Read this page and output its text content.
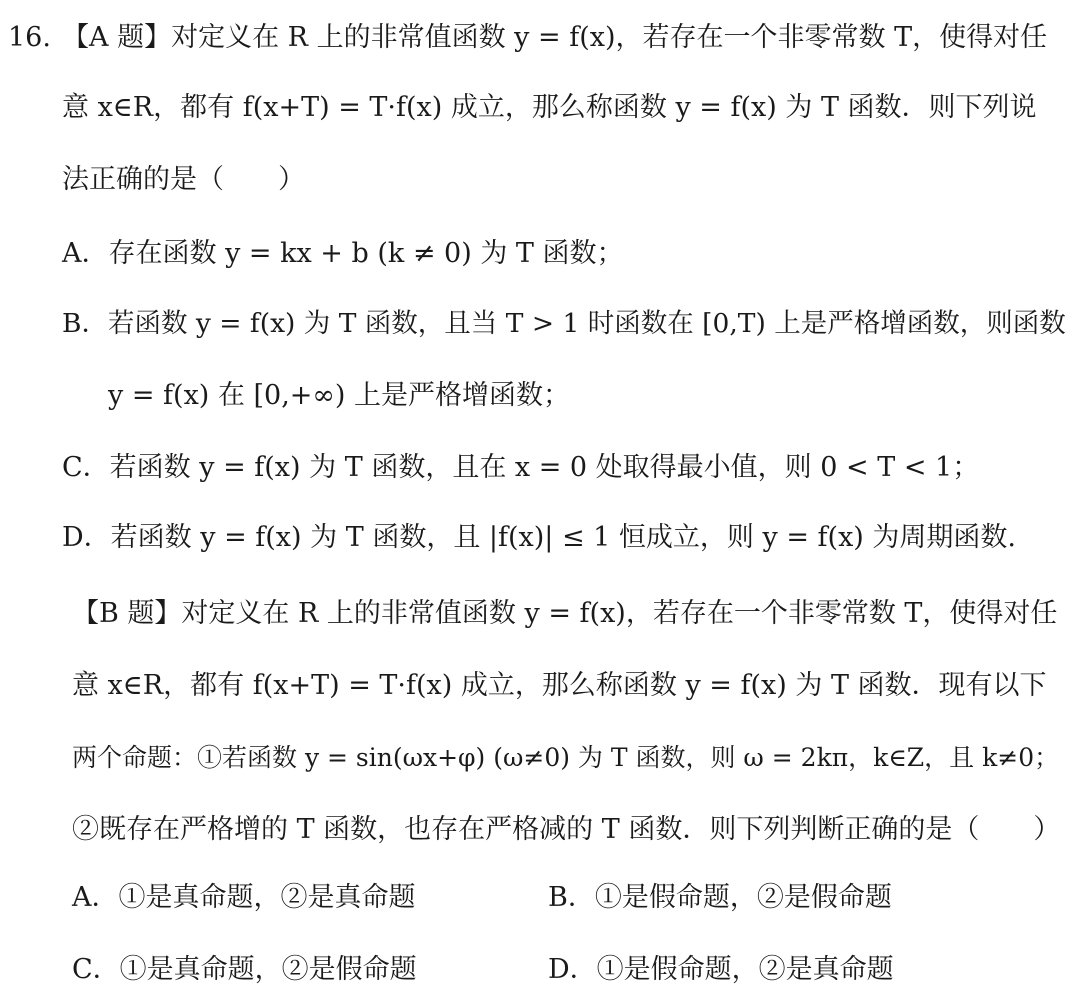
16. 【A 题】对定义在 R 上的非常值函数 y = f(x)，若存在一个非零常数 T，使得对任
意 x∈R，都有 f(x+T) = T·f(x) 成立，那么称函数 y = f(x) 为 T 函数．则下列说
法正确的是（　　）
A．存在函数 y = kx + b (k ≠ 0) 为 T 函数；
B．若函数 y = f(x) 为 T 函数，且当 T > 1 时函数在 [0,T) 上是严格增函数，则函数
y = f(x) 在 [0,+∞) 上是严格增函数；
C．若函数 y = f(x) 为 T 函数，且在 x = 0 处取得最小值，则 0 < T < 1；
D．若函数 y = f(x) 为 T 函数，且 |f(x)| ≤ 1 恒成立，则 y = f(x) 为周期函数.
【B 题】对定义在 R 上的非常值函数 y = f(x)，若存在一个非零常数 T，使得对任
意 x∈R，都有 f(x+T) = T·f(x) 成立，那么称函数 y = f(x) 为 T 函数．现有以下
两个命题：①若函数 y = sin(ωx+φ) (ω≠0) 为 T 函数，则 ω = 2kπ，k∈Z，且 k≠0；
②既存在严格增的 T 函数，也存在严格减的 T 函数．则下列判断正确的是（　　）
A．①是真命题，②是真命题	B．①是假命题，②是假命题
C．①是真命题，②是假命题	D．①是假命题，②是真命题
